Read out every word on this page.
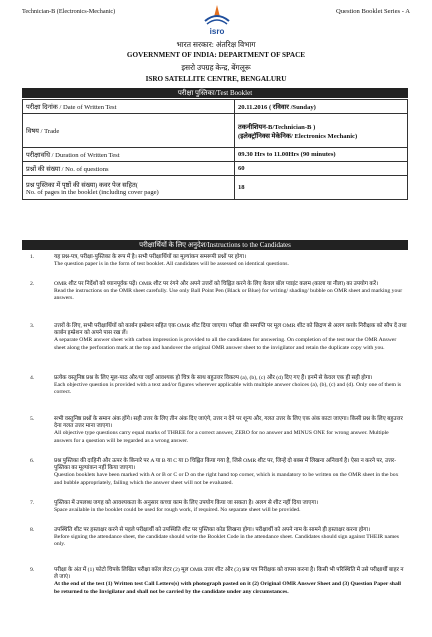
Technician-B (Electronics-Mechanic)
isro
Question Booklet Series - A
भारत सरकार: अंतरिक्ष विभाग
GOVERNMENT OF INDIA: DEPARTMENT OF SPACE
इसरो उपग्रह केन्द्र, बेंगलूरू
ISRO SATELLITE CENTRE, BENGALURU
परीक्षा पुस्तिका/Test Booklet
परीक्षा दिनांक / Date of Written Test	20.11.2016 ( रविवार /Sunday)
विषय / Trade	तकनीशियन-B/Technician-B )
(इलेक्ट्रॉनिक्स मेकेनिक/ Electronics Mechanic)
परीक्षावधि / Duration of Written Test	09.30 Hrs to 11.00Hrs (90 minutes)
प्रश्नों की संख्या / No. of questions	60
प्रश्न पुस्तिका में पृष्ठों की संख्या) कवर पेज सहित(
No. of pages in the booklet (including cover page)	18
परीक्षार्थियों के लिए अनुदेश/Instructions to the Candidates
1.	यह प्रश्न-पत्र, परीक्षा-पुस्तिका के रूप में है। सभी परीक्षार्थियों का मूल्यांकन समरूपी प्रश्नों पर होगा।

The question paper is in the form of test booklet. All candidates will be assessed on identical questions.

2.	OMR शीट पर निर्देशों को ध्यानपूर्वक पढ़ें। OMR शीट पर रंगने और अपने उत्तरों को चिह्नित करने के लिए केवल बॉल प्वाइंट कलम (काला या नीला) का उपयोग करें।

Read the instructions on the OMR sheet carefully. Use only Ball Point Pen (Black or Blue) for writing/ shading/ bubble on OMR sheet and marking your answers.

3.	उत्तरों के लिए, सभी परीक्षार्थियों को कार्बन इम्प्रेशन सहित एक OMR शीट दिया जाएगा। परीक्षा की समाप्ति पर मूल OMR शीट को छिद्रण से अलग करके निरीक्षक को सौंप दें तथा कार्बन इम्प्रेशन को अपने पास रख लें।

A separate OMR answer sheet with carbon impression is provided to all the candidates for answering. On completion of the test tear the OMR Answer sheet along the perforation mark at the top and handover the original OMR answer sheet to the invigilator and retain the duplicate copy with you.

4.	प्रत्येक वस्तुनिष्ठ प्रश्न के लिए मूल-पाठ और/या जहाँ आवश्यक हो चित्र के साथ बहुउत्तर विकल्प (a), (b), (c) और (d) दिए गए हैं। इनमें से केवल एक ही सही होगा।

Each objective question is provided with a text and/or figures wherever applicable with multiple answer choices (a), (b), (c) and (d). Only one of them is correct.

5.	सभी वस्तुनिष्ठ प्रश्नों के समान अंक होंगे। सही उत्तर के लिए तीन अंक दिए जाएंगे, उत्तर न देने पर शून्य और, गलत उत्तर के लिए एक अंक काटा जाएगा। किसी प्रश्न के लिए बहुउत्तर देना गलत उत्तर माना जाएगा।

All objective type questions carry equal marks of THREE for a correct answer, ZERO for no answer and MINUS ONE for wrong answer. Multiple answers for a question will be regarded as a wrong answer.

6.	प्रश्न पुस्तिका की दाहिनी और ऊपर के किनारे पर A या B या C या D चिह्नित किया गया है, जिसे OMR शीट पर, जिन्हें दो बक्स में लिखना अनिवार्य है। ऐसा न करने पर, उत्तर-पुस्तिका का मूल्यांकन नहीं किया जाएगा।

Question booklets have been marked with A or B or C or D on the right hand top corner, which is mandatory to be written on the OMR sheet in the box and bubble appropriately, failing which the answer sheet will not be evaluated.

7.	पुस्तिका में उपलब्ध जगह को आवश्यकता के अनुसार कच्चा काम के लिए उपयोग किया जा सकता है। अलग से शीट नहीं दिया जाएगा।

Space available in the booklet could be used for rough work, if required. No separate sheet will be provided.

8.	उपस्थिति शीट पर हस्ताक्षर करने से पहले परीक्षार्थी को उपस्थिति शीट पर पुस्तिका कोड लिखना होगा। परीक्षार्थी को अपने नाम के सामने ही हस्ताक्षर करना होगा।

Before signing the attendance sheet, the candidate should write the Booklet Code in the attendance sheet. Candidates should sign against THEIR names only.

9.	परीक्षा के अंत में (1) फोटो चिपके लिखित परीक्षा कॉल लेटर (2) मूल OMR उत्तर शीट और (3) प्रश्न पत्र निरीक्षक को वापस करना है। किसी भी परिस्थिति में उसे परीक्षार्थी बाहर न ले जाएं।

At the end of the test (1) Written test Call Letters(s) with photograph pasted on it (2) Original OMR Answer Sheet and (3) Question Paper shall be returned to the Invigilator and shall not be carried by the candidate under any circumstances.
